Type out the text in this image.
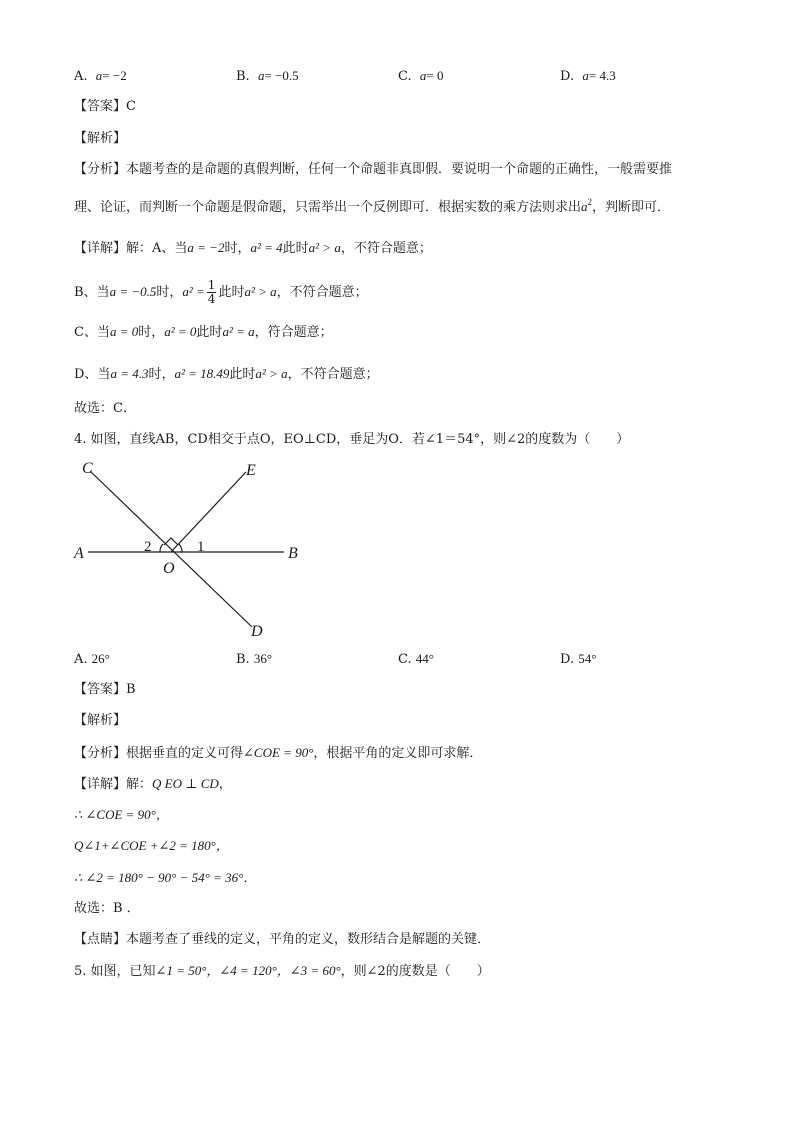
A. a= −2	B. a= −0.5	C. a= 0	D. a= 4.3
【答案】C
【解析】
【分析】本题考查的是命题的真假判断，任何一个命题非真即假．要说明一个命题的正确性，一般需要推
理、论证，而判断一个命题是假命题，只需举出一个反例即可．根据实数的乘方法则求出$a^2$，判断即可．
【详解】解：A、当a = −2时，a² = 4此时a² > a，不符合题意；
B、当a = −0.5时，$a^2 = \frac{1}{4}$ 此时a² > a，不符合题意；
C、当a = 0时，a² = 0此时a² = a，符合题意；
D、当a = 4.3时，a² = 18.49此时a² > a，不符合题意；
故选：C．
4. 如图，直线AB，CD相交于点O，EO⊥CD，垂足为O．若∠1＝54°，则∠2的度数为（　　）
C	E
A	B
O
D
2	1
A. 26°	B. 36°	C. 44°	D. 54°
【答案】B
【解析】
【分析】根据垂直的定义可得∠COE = 90°，根据平角的定义即可求解．
【详解】解：Q EO ⊥ CD，
∴ ∠COE = 90°，
Q∠1+∠COE +∠2 = 180°，
∴ ∠2 = 180° − 90° − 54° = 36°．
故选：B ．
【点睛】本题考查了垂线的定义，平角的定义，数形结合是解题的关键．
5. 如图，已知∠1 = 50°，∠4 = 120°，∠3 = 60°，则∠2的度数是（　　）
